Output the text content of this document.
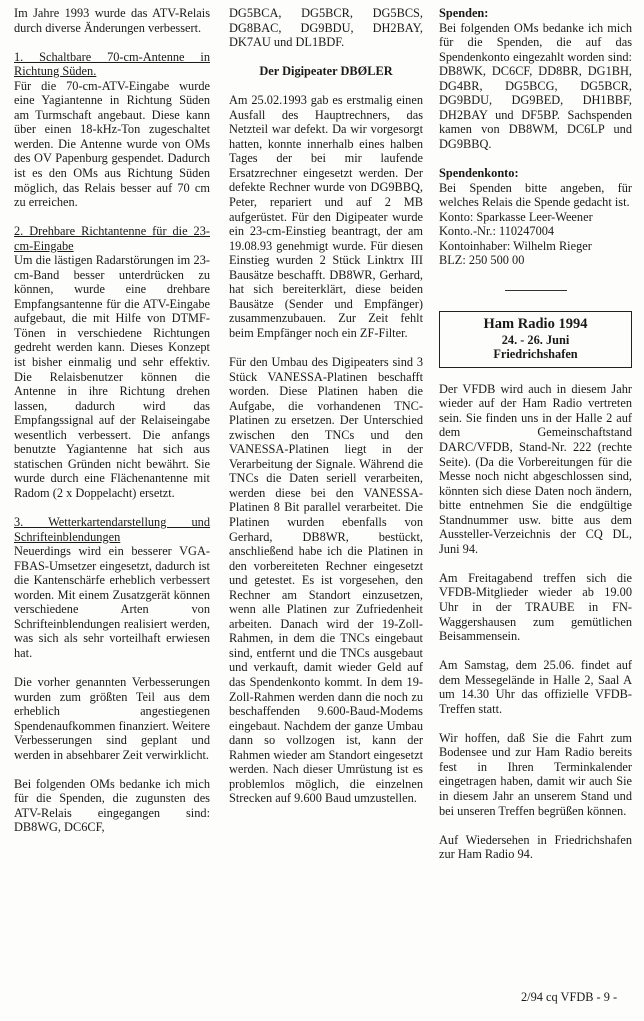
Im Jahre 1993 wurde das ATV-Relais durch diverse Änderungen verbessert.

1. Schaltbare 70-cm-Antenne in Richtung Süden.

Für die 70-cm-ATV-Eingabe wurde eine Yagiantenne in Richtung Süden am Turmschaft angebaut. Diese kann über einen 18-kHz-Ton zugeschaltet werden. Die Antenne wurde von OMs des OV Papenburg gespendet. Dadurch ist es den OMs aus Richtung Süden möglich, das Relais besser auf 70 cm zu erreichen.

2. Drehbare Richtantenne für die 23-cm-Eingabe

Um die lästigen Radarstörungen im 23-cm-Band besser unterdrücken zu können, wurde eine drehbare Empfangsantenne für die ATV-Eingabe aufgebaut, die mit Hilfe von DTMF-Tönen in verschiedene Richtungen gedreht werden kann. Dieses Konzept ist bisher einmalig und sehr effektiv. Die Relaisbenutzer können die Antenne in ihre Richtung drehen lassen, dadurch wird das Empfangssignal auf der Relaiseingabe wesentlich verbessert. Die anfangs benutzte Yagiantenne hat sich aus statischen Gründen nicht bewährt. Sie wurde durch eine Flächenantenne mit Radom (2 x Doppelacht) ersetzt.

3. Wetterkartendarstellung und Schrifteinblendungen

Neuerdings wird ein besserer VGA-FBAS-Umsetzer eingesetzt, dadurch ist die Kantenschärfe erheblich verbessert worden. Mit einem Zusatzgerät können verschiedene Arten von Schrifteinblendungen realisiert werden, was sich als sehr vorteilhaft erwiesen hat.

Die vorher genannten Verbesserungen wurden zum größten Teil aus dem erheblich angestiegenen Spendenaufkommen finanziert. Weitere Verbesserungen sind geplant und werden in absehbarer Zeit verwirklicht.

Bei folgenden OMs bedanke ich mich für die Spenden, die zugunsten des ATV-Relais eingegangen sind: DB8WG, DC6CF,

DG5BCA, DG5BCR, DG5BCS, DG8BAC, DG9BDU, DH2BAY, DK7AU und DL1BDF.

Der Digipeater DBØLER

Am 25.02.1993 gab es erstmalig einen Ausfall des Hauptrechners, das Netzteil war defekt. Da wir vorgesorgt hatten, konnte innerhalb eines halben Tages der bei mir laufende Ersatzrechner eingesetzt werden. Der defekte Rechner wurde von DG9BBQ, Peter, repariert und auf 2 MB aufgerüstet. Für den Digipeater wurde ein 23-cm-Einstieg beantragt, der am 19.08.93 genehmigt wurde. Für diesen Einstieg wurden 2 Stück Linktrx III Bausätze beschafft. DB8WR, Gerhard, hat sich bereiterklärt, diese beiden Bausätze (Sender und Empfänger) zusammenzubauen. Zur Zeit fehlt beim Empfänger noch ein ZF-Filter.

Für den Umbau des Digipeaters sind 3 Stück VANESSA-Platinen beschafft worden. Diese Platinen haben die Aufgabe, die vorhandenen TNC-Platinen zu ersetzen. Der Unterschied zwischen den TNCs und den VANESSA-Platinen liegt in der Verarbeitung der Signale. Während die TNCs die Daten seriell verarbeiten, werden diese bei den VANESSA-Platinen 8 Bit parallel verarbeitet. Die Platinen wurden ebenfalls von Gerhard, DB8WR, bestückt, anschließend habe ich die Platinen in den vorbereiteten Rechner eingesetzt und getestet. Es ist vorgesehen, den Rechner am Standort einzusetzen, wenn alle Platinen zur Zufriedenheit arbeiten. Danach wird der 19-Zoll-Rahmen, in dem die TNCs eingebaut sind, entfernt und die TNCs ausgebaut und verkauft, damit wieder Geld auf das Spendenkonto kommt. In dem 19-Zoll-Rahmen werden dann die noch zu beschaffenden 9.600-Baud-Modems eingebaut. Nachdem der ganze Umbau dann so vollzogen ist, kann der Rahmen wieder am Standort eingesetzt werden. Nach dieser Umrüstung ist es problemlos möglich, die einzelnen Strecken auf 9.600 Baud umzustellen.

Spenden:

Bei folgenden OMs bedanke ich mich für die Spenden, die auf das Spendenkonto eingezahlt worden sind: DB8WK, DC6CF, DD8BR, DG1BH, DG4BR, DG5BCG, DG5BCR, DG9BDU, DG9BED, DH1BBF, DH2BAY und DF5BP. Sachspenden kamen von DB8WM, DC6LP und DG9BBQ.

Spendenkonto:
Bei Spenden bitte angeben, für welches Relais die Spende gedacht ist.
Konto: Sparkasse Leer-Weener
Konto.-Nr.: 110247004
Kontoinhaber: Wilhelm Rieger
BLZ: 250 500 00
Ham Radio 1994
24. - 26. Juni
Friedrichshafen

Der VFDB wird auch in diesem Jahr wieder auf der Ham Radio vertreten sein. Sie finden uns in der Halle 2 auf dem Gemeinschaftstand DARC/VFDB, Stand-Nr. 222 (rechte Seite). (Da die Vorbereitungen für die Messe noch nicht abgeschlossen sind, könnten sich diese Daten noch ändern, bitte entnehmen Sie die endgültige Standnummer usw. bitte aus dem Aussteller-Verzeichnis der CQ DL, Juni 94.

Am Freitagabend treffen sich die VFDB-Mitglieder wieder ab 19.00 Uhr in der TRAUBE in FN-Waggershausen zum gemütlichen Beisammensein.

Am Samstag, dem 25.06. findet auf dem Messegelände in Halle 2, Saal A um 14.30 Uhr das offizielle VFDB-Treffen statt.

Wir hoffen, daß Sie die Fahrt zum Bodensee und zur Ham Radio bereits fest in Ihren Terminkalender eingetragen haben, damit wir auch Sie in diesem Jahr an unserem Stand und bei unseren Treffen begrüßen können.

Auf Wiedersehen in Friedrichshafen zur Ham Radio 94.

2/94 cq VFDB - 9 -
